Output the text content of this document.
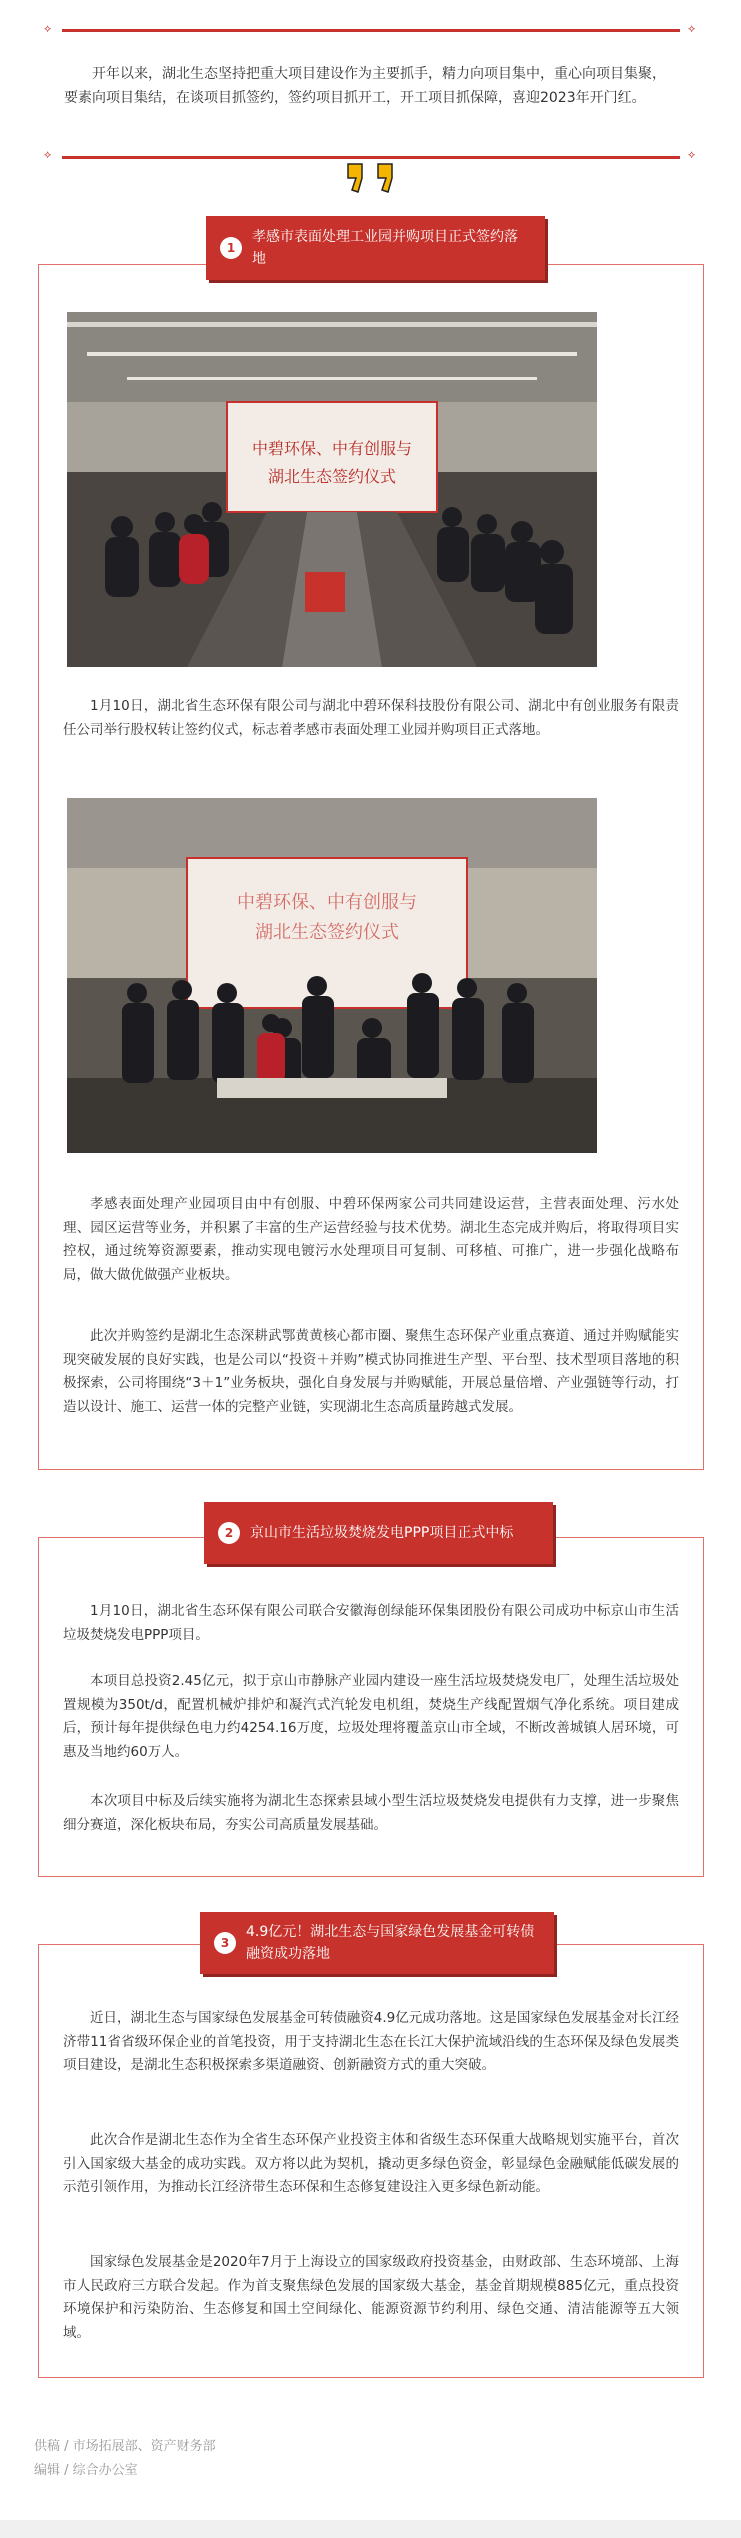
⟡	⟡
⟡	⟡

开年以来，湖北生态坚持把重大项目建设作为主要抓手，精力向项目集中，重心向项目集聚，要素向项目集结，在谈项目抓签约，签约项目抓开工，开工项目抓保障，喜迎2023年开门红。

1月10日，湖北省生态环保有限公司与湖北中碧环保科技股份有限公司、湖北中有创业服务有限责任公司举行股权转让签约仪式，标志着孝感市表面处理工业园并购项目正式落地。
孝感表面处理产业园项目由中有创服、中碧环保两家公司共同建设运营，主营表面处理、污水处理、园区运营等业务，并积累了丰富的生产运营经验与技术优势。湖北生态完成并购后，将取得项目实控权，通过统筹资源要素，推动实现电镀污水处理项目可复制、可移植、可推广，进一步强化战略布局，做大做优做强产业板块。
此次并购签约是湖北生态深耕武鄂黄黄核心都市圈、聚焦生态环保产业重点赛道、通过并购赋能实现突破发展的良好实践，也是公司以“投资＋并购”模式协同推进生产型、平台型、技术型项目落地的积极探索，公司将围绕“3＋1”业务板块，强化自身发展与并购赋能，开展总量倍增、产业强链等行动，打造以设计、施工、运营一体的完整产业链，实现湖北生态高质量跨越式发展。
1
孝感市表面处理工业园并购项目正式签约落地
中碧环保、中有创服与
湖北生态签约仪式
中碧环保、中有创服与
湖北生态签约仪式
1月10日，湖北省生态环保有限公司联合安徽海创绿能环保集团股份有限公司成功中标京山市生活垃圾焚烧发电PPP项目。
本项目总投资2.45亿元，拟于京山市静脉产业园内建设一座生活垃圾焚烧发电厂，处理生活垃圾处置规模为350t/d，配置机械炉排炉和凝汽式汽轮发电机组，焚烧生产线配置烟气净化系统。项目建成后，预计每年提供绿色电力约4254.16万度，垃圾处理将覆盖京山市全域，不断改善城镇人居环境，可惠及当地约60万人。
本次项目中标及后续实施将为湖北生态探索县域小型生活垃圾焚烧发电提供有力支撑，进一步聚焦细分赛道，深化板块布局，夯实公司高质量发展基础。
2	京山市生活垃圾焚烧发电PPP项目正式中标
近日，湖北生态与国家绿色发展基金可转债融资4.9亿元成功落地。这是国家绿色发展基金对长江经济带11省省级环保企业的首笔投资，用于支持湖北生态在长江大保护流域沿线的生态环保及绿色发展类项目建设，是湖北生态积极探索多渠道融资、创新融资方式的重大突破。
此次合作是湖北生态作为全省生态环保产业投资主体和省级生态环保重大战略规划实施平台，首次引入国家级大基金的成功实践。双方将以此为契机，撬动更多绿色资金，彰显绿色金融赋能低碳发展的示范引领作用，为推动长江经济带生态环保和生态修复建设注入更多绿色新动能。
国家绿色发展基金是2020年7月于上海设立的国家级政府投资基金，由财政部、生态环境部、上海市人民政府三方联合发起。作为首支聚焦绿色发展的国家级大基金，基金首期规模885亿元，重点投资环境保护和污染防治、生态修复和国土空间绿化、能源资源节约利用、绿色交通、清洁能源等五大领域。
3
4.9亿元！湖北生态与国家绿色发展基金可转债融资成功落地
供稿 / 市场拓展部、资产财务部
编辑 / 综合办公室
